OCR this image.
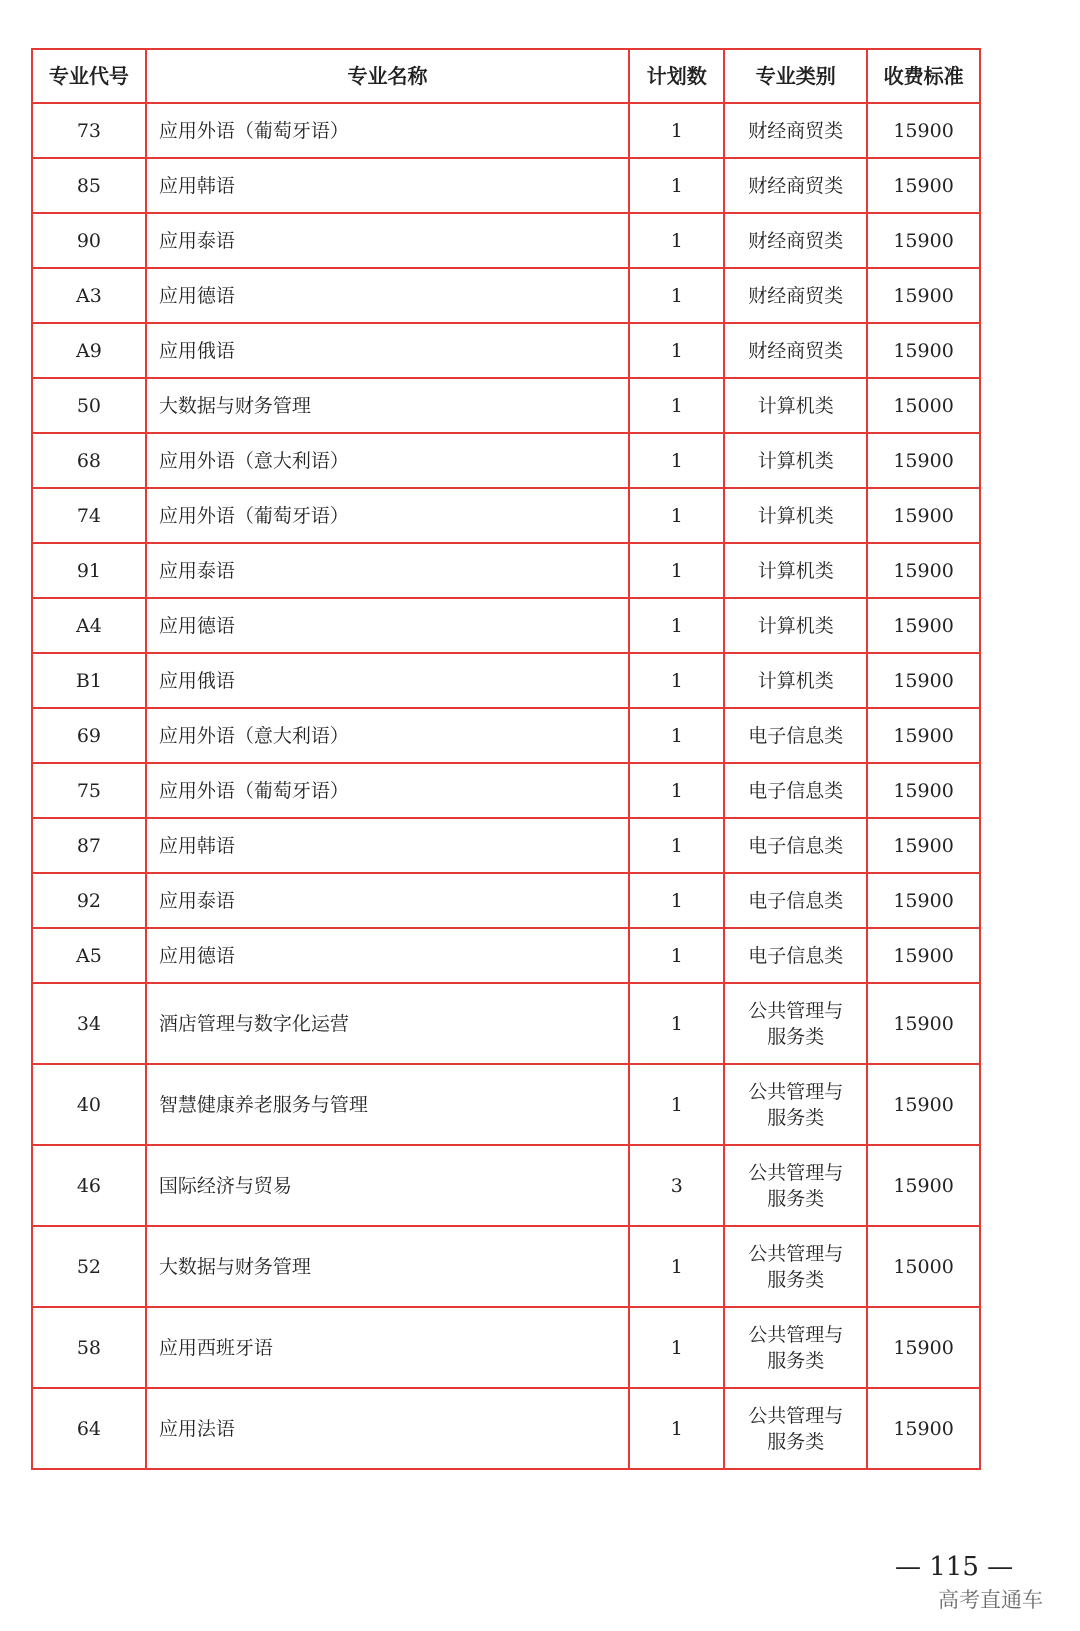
专业代号	专业名称	计划数	专业类别	收费标准
73	应用外语（葡萄牙语）	1	财经商贸类	15900
85	应用韩语	1	财经商贸类	15900
90	应用泰语	1	财经商贸类	15900
A3	应用德语	1	财经商贸类	15900
A9	应用俄语	1	财经商贸类	15900
50	大数据与财务管理	1	计算机类	15000
68	应用外语（意大利语）	1	计算机类	15900
74	应用外语（葡萄牙语）	1	计算机类	15900
91	应用泰语	1	计算机类	15900
A4	应用德语	1	计算机类	15900
B1	应用俄语	1	计算机类	15900
69	应用外语（意大利语）	1	电子信息类	15900
75	应用外语（葡萄牙语）	1	电子信息类	15900
87	应用韩语	1	电子信息类	15900
92	应用泰语	1	电子信息类	15900
A5	应用德语	1	电子信息类	15900
34	酒店管理与数字化运营	1	公共管理与
服务类	15900
40	智慧健康养老服务与管理	1	公共管理与
服务类	15900
46	国际经济与贸易	3	公共管理与
服务类	15900
52	大数据与财务管理	1	公共管理与
服务类	15000
58	应用西班牙语	1	公共管理与
服务类	15900
64	应用法语	1	公共管理与
服务类	15900
— 115 —
高考直通车
